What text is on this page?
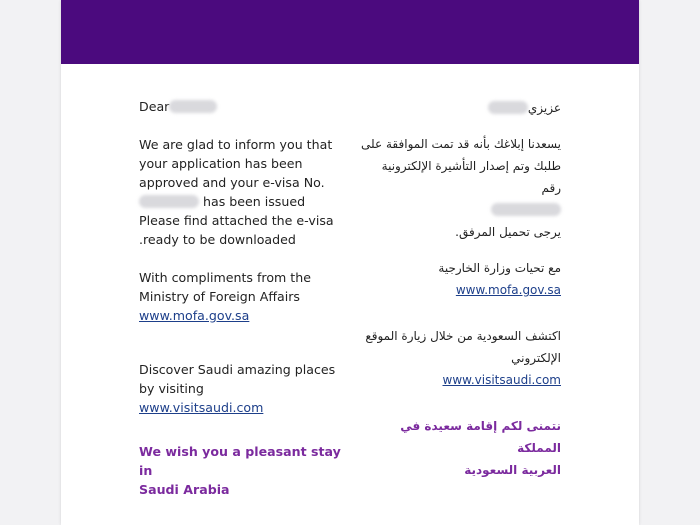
Dear

We are glad to inform you that
your application has been
approved and your e-visa No.
has been issued
Please find attached the e-visa
.ready to be downloaded

With compliments from the
Ministry of Foreign Affairs
www.mofa.gov.sa

Discover Saudi amazing places
by visiting
www.visitsaudi.com

We wish you a pleasant stay in
Saudi Arabia

عزيزي

يسعدنا إبلاغك بأنه قد تمت الموافقة على
طلبك وتم إصدار التأشيرة الإلكترونية رقم

يرجى تحميل المرفق.

مع تحيات وزارة الخارجية
www.mofa.gov.sa

اكتشف السعودية من خلال زيارة الموقع
الإلكتروني
www.visitsaudi.com

نتمنى لكم إقامة سعيدة في المملكة
العربية السعودية
